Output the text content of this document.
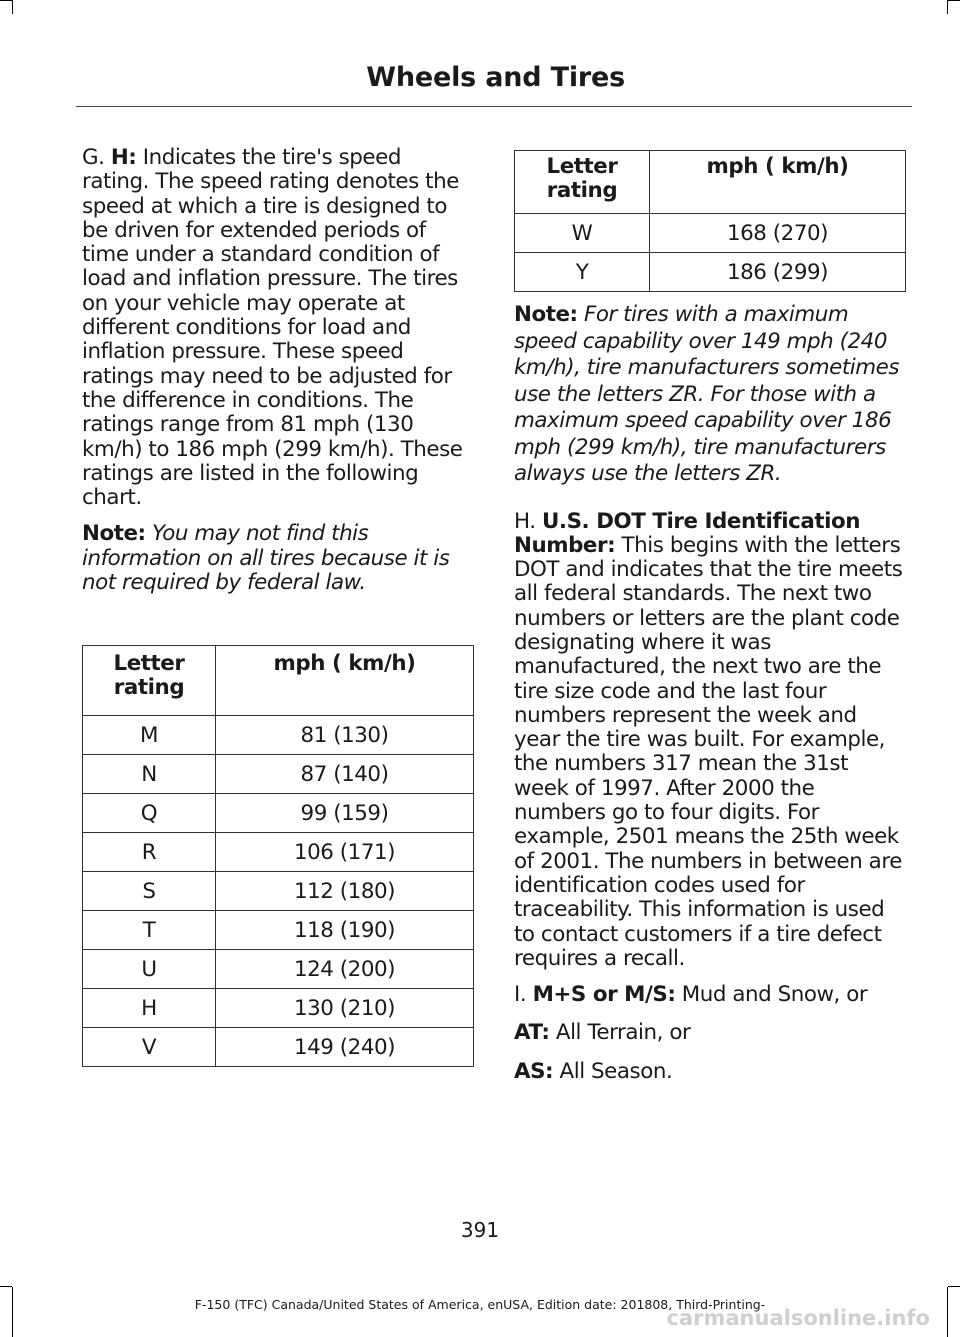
Wheels and Tires

G. H: Indicates the tire's speed rating. The speed rating denotes the speed at which a tire is designed to be driven for extended periods of time under a standard condition of load and inflation pressure. The tires on your vehicle may operate at different conditions for load and inflation pressure. These speed ratings may need to be adjusted for the difference in conditions. The ratings range from 81 mph (130 km/h) to 186 mph (299 km/h). These ratings are listed in the following chart.

Note: You may not find this information on all tires because it is not required by federal law.

Letter rating	mph ( km/h)
M	81 (130)
N	87 (140)
Q	99 (159)
R	106 (171)
S	112 (180)
T	118 (190)
U	124 (200)
H	130 (210)
V	149 (240)
Letter rating	mph ( km/h)
W	168 (270)
Y	186 (299)

Note: For tires with a maximum speed capability over 149 mph (240 km/h), tire manufacturers sometimes use the letters ZR. For those with a maximum speed capability over 186 mph (299 km/h), tire manufacturers always use the letters ZR.

H. U.S. DOT Tire Identification Number: This begins with the letters DOT and indicates that the tire meets all federal standards. The next two numbers or letters are the plant code designating where it was manufactured, the next two are the tire size code and the last four numbers represent the week and year the tire was built. For example, the numbers 317 mean the 31st week of 1997. After 2000 the numbers go to four digits. For example, 2501 means the 25th week of 2001. The numbers in between are identification codes used for traceability. This information is used to contact customers if a tire defect requires a recall.

I. M+S or M/S: Mud and Snow, or

AT: All Terrain, or

AS: All Season.

391
F-150 (TFC) Canada/United States of America, enUSA, Edition date: 201808, Third-Printing-
carmanualsonline.info
